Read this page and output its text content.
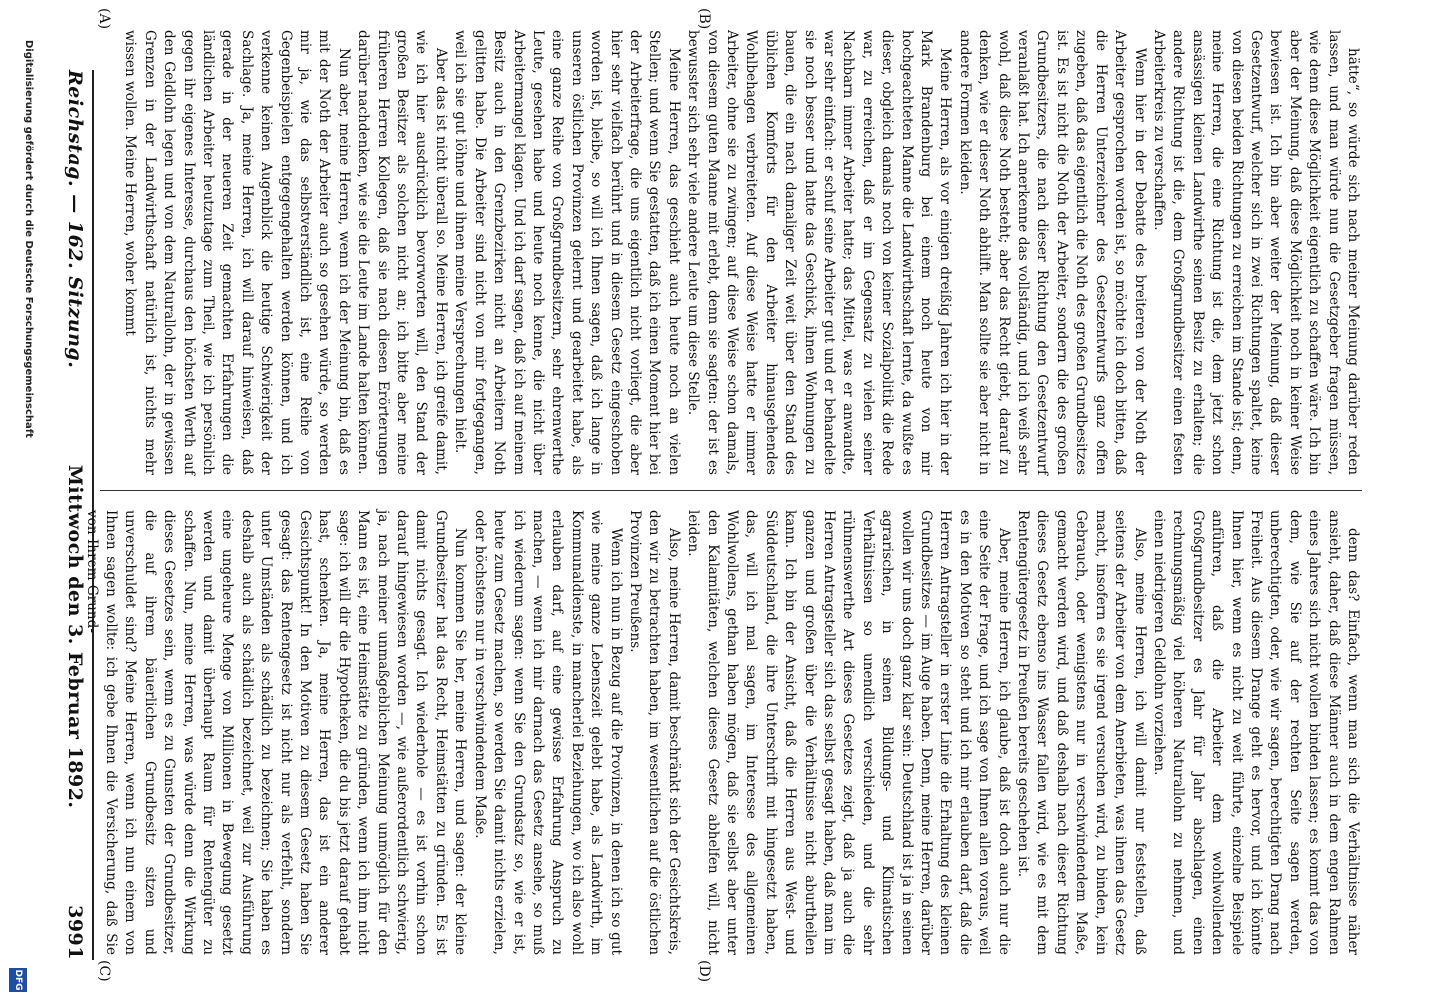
Reichstag. — 162. Sitzung.
Mittwoch den 3. Februar 1892.
3991
(A)	(B)
(C)	(D)

hätte“, so würde sich nach meiner Meinung darüber reden lassen, und man würde nun die Gesetzgeber fragen müssen, wie denn diese Möglichkeit eigentlich zu schaffen wäre. Ich bin aber der Meinung, daß diese Möglichkeit noch in keiner Weise bewiesen ist. Ich bin aber weiter der Meinung, daß dieser Gesetzentwurf, welcher sich in zwei Richtungen spaltet, keine von diesen beiden Richtungen zu erreichen im Stande ist; denn, meine Herren, die eine Richtung ist die, dem jetzt schon ansässigen kleinen Landwirthe seinen Besitz zu erhalten; die andere Richtung ist die, dem Großgrundbesitzer einen festen Arbeiterkreis zu verschaffen.

Wenn hier in der Debatte des breiteren von der Noth der Arbeiter gesprochen worden ist, so möchte ich doch bitten, daß die Herren Unterzeichner des Gesetzentwurfs ganz offen zugeben, daß das eigentlich die Noth des großen Grundbesitzes ist. Es ist nicht die Noth der Arbeiter, sondern die des großen Grundbesitzers, die nach dieser Richtung den Gesetzentwurf veranlaßt hat. Ich anerkenne das vollständig, und ich weiß sehr wohl, daß diese Noth besteht; aber das Recht giebt, darauf zu denken, wie er dieser Noth abhilft. Man sollte sie aber nicht in andere Formen kleiden.

Meine Herren, als vor einigen dreißig Jahren ich hier in der Mark Brandenburg bei einem noch heute von mir hochgeachteten Manne die Landwirthschaft lernte, da wußte es dieser, obgleich damals noch von keiner Sozialpolitik die Rede war, zu erreichen, daß er im Gegensatz zu vielen seiner Nachbarn immer Arbeiter hatte; das Mittel, was er anwandte, war sehr einfach: er schuf seine Arbeiter gut und er behandelte sie noch besser und hatte das Geschick, ihnen Wohnungen zu bauen, die ein nach damaliger Zeit weit über den Stand des üblichen Komforts für den Arbeiter hinausgehendes Wohlbehagen verbreiteten. Auf diese Weise hatte er immer Arbeiter, ohne sie zu zwingen; auf diese Weise schon damals, von diesem guten Manne mit erlebt, denn sie sagten: der ist es bewusster sich sehr viele andere Leute um diese Stelle.

Meine Herren, das geschieht auch heute noch an vielen Stellen; und wenn Sie gestatten, daß ich einen Moment hier bei der Arbeiterfrage, die uns eigentlich nicht vorliegt, die aber hier sehr vielfach berührt und in diesem Gesetz eingeschoben worden ist, bleibe, so will ich Ihnen sagen, daß ich lange in unseren östlichen Provinzen gelernt und gearbeitet habe, als eine ganze Reihe von Großgrundbesitzern, sehr ehrenwerthe Leute, gesehen habe und heute noch kenne, die nicht über Arbeitermangel klagen. Und ich darf sagen, daß ich auf meinem Besitz auch in den Grenzbezirken nicht an Arbeitern Noth gelitten habe. Die Arbeiter sind nicht von mir fortgegangen, weil ich sie gut löhne und ihnen meine Versprechungen hielt.

Aber das ist nicht überall so. Meine Herren, ich greife damit, wie ich hier ausdrücklich bevorworten will, den Stand der großen Besitzer als solchen nicht an; ich bitte aber meine früheren Herren Kollegen, daß sie nach diesen Erörterungen darüber nachdenken, wie sie die Leute im Lande halten können.

Nun aber, meine Herren, wenn ich der Meinung bin, daß es mit der Noth der Arbeiter auch so gesehen würde, so werden mir ja, wie das selbstverständlich ist, eine Reihe von Gegenbeispielen entgegengehalten werden können, und ich verkenne keinen Augenblick die heutige Schwierigkeit der Sachlage. Ja, meine Herren, ich will darauf hinweisen, daß gerade in der neueren Zeit gemachten Erfahrungen die ländlichen Arbeiter heutzutage zum Theil, wie ich persönlich gegen ihr eigenes Interesse, durchaus den höchsten Werth auf den Geldlohn legen und von dem Naturallohn, der in gewissen Grenzen in der Landwirthschaft natürlich ist, nichts mehr wissen wollen. Meine Herren, woher kommt

denn das? Einfach, wenn man sich die Verhältnisse näher ansieht, daher, daß diese Männer auch in dem engen Rahmen eines Jahres sich nicht wollen binden lassen; es kommt das von dem, wie Sie auf der rechten Seite sagen werden, unberechtigten, oder, wie wir sagen, berechtigten Drang nach Freiheit. Aus diesem Drange geht es hervor, und ich könnte Ihnen hier, wenn es nicht zu weit führte, einzelne Beispiele anführen, daß die Arbeiter dem wohlwollenden Großgrundbesitzer es Jahr für Jahr abschlagen, einen rechnungsmäßig viel höheren Naturallohn zu nehmen, und einen niedrigeren Geldlohn vorziehen.

Also, meine Herren, ich will damit nur feststellen, daß seitens der Arbeiter von dem Anerbieten, was ihnen das Gesetz macht, insofern es sie irgend versuchen wird, zu binden, kein Gebrauch, oder wenigstens nur in verschwindendem Maße, gemacht werden wird, und daß deshalb nach dieser Richtung dieses Gesetz ebenso ins Wasser fallen wird, wie es mit dem Rentengütergesetz in Preußen bereits geschehen ist.

Aber, meine Herren, ich glaube, daß ist doch auch nur die eine Seite der Frage, und ich sage von Ihnen allen voraus, weil es in den Motiven so steht und ich mir erlauben darf, daß die Herren Antragsteller in erster Linie die Erhaltung des kleinen Grundbesitzes — im Auge haben. Denn, meine Herren, darüber wollen wir uns doch ganz klar sein: Deutschland ist ja in seinen agrarischen, in seinen Bildungs- und Klimatischen Verhältnissen so unendlich verschieden, und die sehr rühmenswerthe Art dieses Gesetzes zeigt, daß ja auch die Herren Antragsteller sich das selbst gesagt haben, daß man im ganzen und großen über die Verhältnisse nicht aburtheilen kann. Ich bin der Ansicht, daß die Herren aus West- und Süddeutschland, die ihre Unterschrift mit hingesetzt haben, das, will ich mal sagen, im Interesse des allgemeinen Wohlwollens, gethan haben mögen, daß sie selbst aber unter den Kalamitäten, welchen dieses Gesetz abhelfen will, nicht leiden.

Also, meine Herren, damit beschränkt sich der Gesichtskreis, den wir zu betrachten haben, im wesentlichen auf die östlichen Provinzen Preußens.

Wenn ich nun in Bezug auf die Provinzen, in denen ich so gut wie meine ganze Lebenszeit gelebt habe, als Landwirth, im Kommunaldienste, in mancherlei Beziehungen, wo ich also wohl erlauben darf, auf eine gewisse Erfahrung Anspruch zu machen, — wenn ich mir darnach das Gesetz ansehe, so muß ich wiederum sagen: wenn Sie den Grundsatz so, wie er ist, heute zum Gesetz machen, so werden Sie damit nichts erzielen, oder höchstens nur in verschwindendem Maße.

Nun kommen Sie her, meine Herren, und sagen: der kleine Grundbesitzer hat das Recht, Heimstätten zu gründen. Es ist damit nichts gesagt. Ich wiederhole — es ist vorhin schon darauf hingewiesen worden —, wie außerordentlich schwierig, ja, nach meiner unmaßgeblichen Meinung unmöglich für den Mann es ist, eine Heimstätte zu gründen, wenn ich ihm nicht sage: ich will dir die Hypotheken, die du bis jetzt darauf gehabt hast, schenken. Ja, meine Herren, das ist ein anderer Gesichtspunkt! In den Motiven zu diesem Gesetz haben Sie gesagt: das Rentengesetz ist nicht nur als verfehlt, sondern unter Umständen als schädlich zu bezeichnen; Sie haben es deshalb auch als schädlich bezeichnet, weil zur Ausführung eine ungeheure Menge von Millionen in Bewegung gesetzt werden und damit überhaupt Raum für Rentengüter zu schaffen. Nun, meine Herren, was würde denn die Wirkung dieses Gesetzes sein, wenn es zu Gunsten der Grundbesitzer, die auf ihrem bäuerlichen Grundbesitz sitzen und unverschuldet sind? Meine Herren, wenn ich nun einem von Ihnen sagen wollte: ich gebe Ihnen die Versicherung, daß Sie von Ihrem Grund-

Digitalisierung gefördert durch die Deutsche Forschungsgemeinschaft
DFG
